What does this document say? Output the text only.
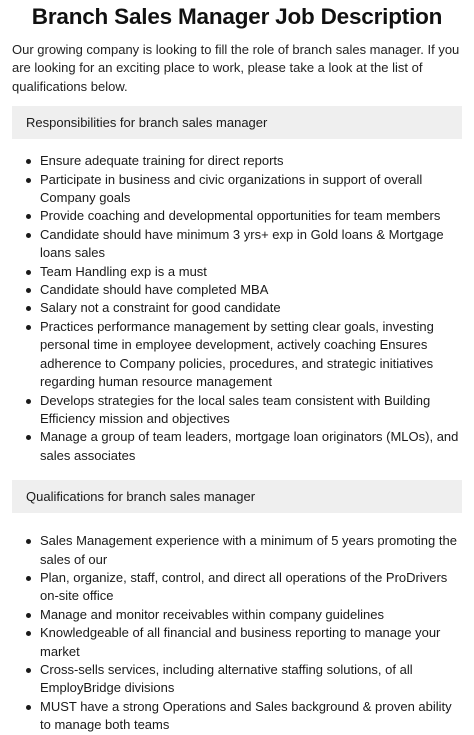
Branch Sales Manager Job Description

Our growing company is looking to fill the role of branch sales manager. If you are looking for an exciting place to work, please take a look at the list of qualifications below.

Responsibilities for branch sales manager
Ensure adequate training for direct reports
Participate in business and civic organizations in support of overall Company goals
Provide coaching and developmental opportunities for team members
Candidate should have minimum 3 yrs+ exp in Gold loans & Mortgage loans sales
Team Handling exp is a must
Candidate should have completed MBA
Salary not a constraint for good candidate
Practices performance management by setting clear goals, investing personal time in employee development, actively coaching Ensures adherence to Company policies, procedures, and strategic initiatives regarding human resource management
Develops strategies for the local sales team consistent with Building Efficiency mission and objectives
Manage a group of team leaders, mortgage loan originators (MLOs), and sales associates
Qualifications for branch sales manager
Sales Management experience with a minimum of 5 years promoting the sales of our
Plan, organize, staff, control, and direct all operations of the ProDrivers on-site office
Manage and monitor receivables within company guidelines
Knowledgeable of all financial and business reporting to manage your market
Cross-sells services, including alternative staffing solutions, of all EmployBridge divisions
MUST have a strong Operations and Sales background & proven ability to manage both teams
